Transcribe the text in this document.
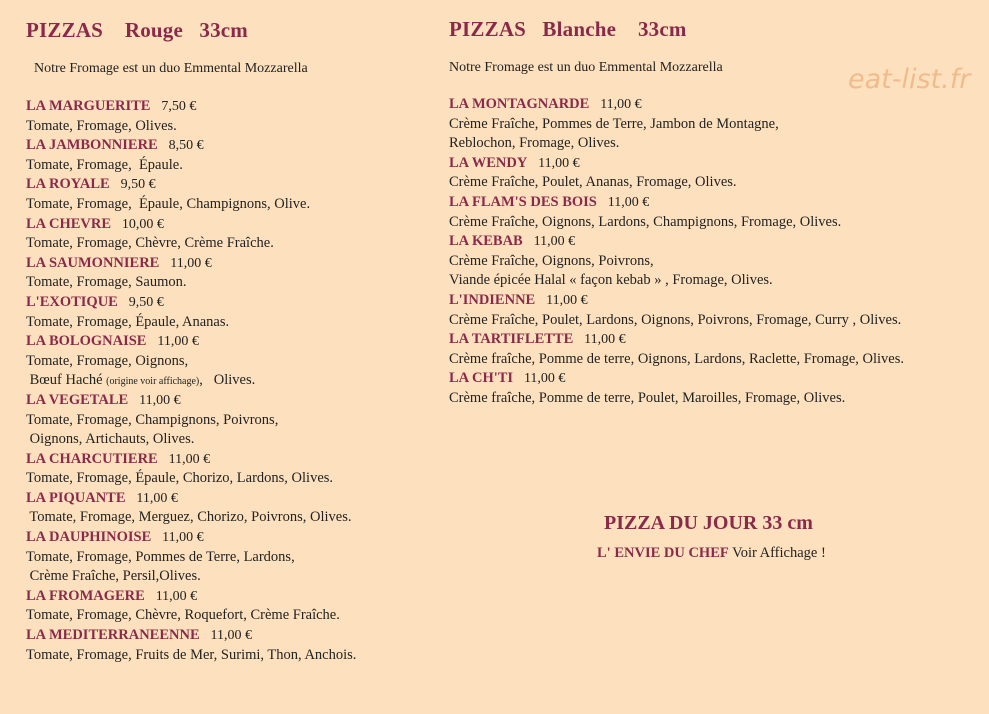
eat-list.fr
PIZZAS    Rouge   33cm
Notre Fromage est un duo Emmental Mozzarella
LA MARGUERITE 7,50 €
Tomate, Fromage, Olives.
LA JAMBONNIERE 8,50 €
Tomate, Fromage,  Épaule.
LA ROYALE 9,50 €
Tomate, Fromage,  Épaule, Champignons, Olive.
LA CHEVRE 10,00 €
Tomate, Fromage, Chèvre, Crème Fraîche.
LA SAUMONNIERE 11,00 €
Tomate, Fromage, Saumon.
L'EXOTIQUE 9,50 €
Tomate, Fromage, Épaule, Ananas.
LA BOLOGNAISE 11,00 €
Tomate, Fromage, Oignons,
Bœuf Haché (origine voir affichage),   Olives.
LA VEGETALE 11,00 €
Tomate, Fromage, Champignons, Poivrons,
Oignons, Artichauts, Olives.
LA CHARCUTIERE 11,00 €
Tomate, Fromage, Épaule, Chorizo, Lardons, Olives.
LA PIQUANTE 11,00 €
Tomate, Fromage, Merguez, Chorizo, Poivrons, Olives.
LA DAUPHINOISE 11,00 €
Tomate, Fromage, Pommes de Terre, Lardons,
Crème Fraîche, Persil,Olives.
LA FROMAGERE 11,00 €
Tomate, Fromage, Chèvre, Roquefort, Crème Fraîche.
LA MEDITERRANEENNE 11,00 €
Tomate, Fromage, Fruits de Mer, Surimi, Thon, Anchois.
PIZZAS   Blanche    33cm
Notre Fromage est un duo Emmental Mozzarella
LA MONTAGNARDE 11,00 €
Crème Fraîche, Pommes de Terre, Jambon de Montagne,
Reblochon, Fromage, Olives.
LA WENDY 11,00 €
Crème Fraîche, Poulet, Ananas, Fromage, Olives.
LA FLAM'S DES BOIS 11,00 €
Crème Fraîche, Oignons, Lardons, Champignons, Fromage, Olives.
LA KEBAB 11,00 €
Crème Fraîche, Oignons, Poivrons,
Viande épicée Halal « façon kebab » , Fromage, Olives.
L'INDIENNE 11,00 €
Crème Fraîche, Poulet, Lardons, Oignons, Poivrons, Fromage, Curry , Olives.
LA TARTIFLETTE 11,00 €
Crème fraîche, Pomme de terre, Oignons, Lardons, Raclette, Fromage, Olives.
LA CH'TI 11,00 €
Crème fraîche, Pomme de terre, Poulet, Maroilles, Fromage, Olives.
PIZZA DU JOUR 33 cm
L' ENVIE DU CHEF Voir Affichage !
